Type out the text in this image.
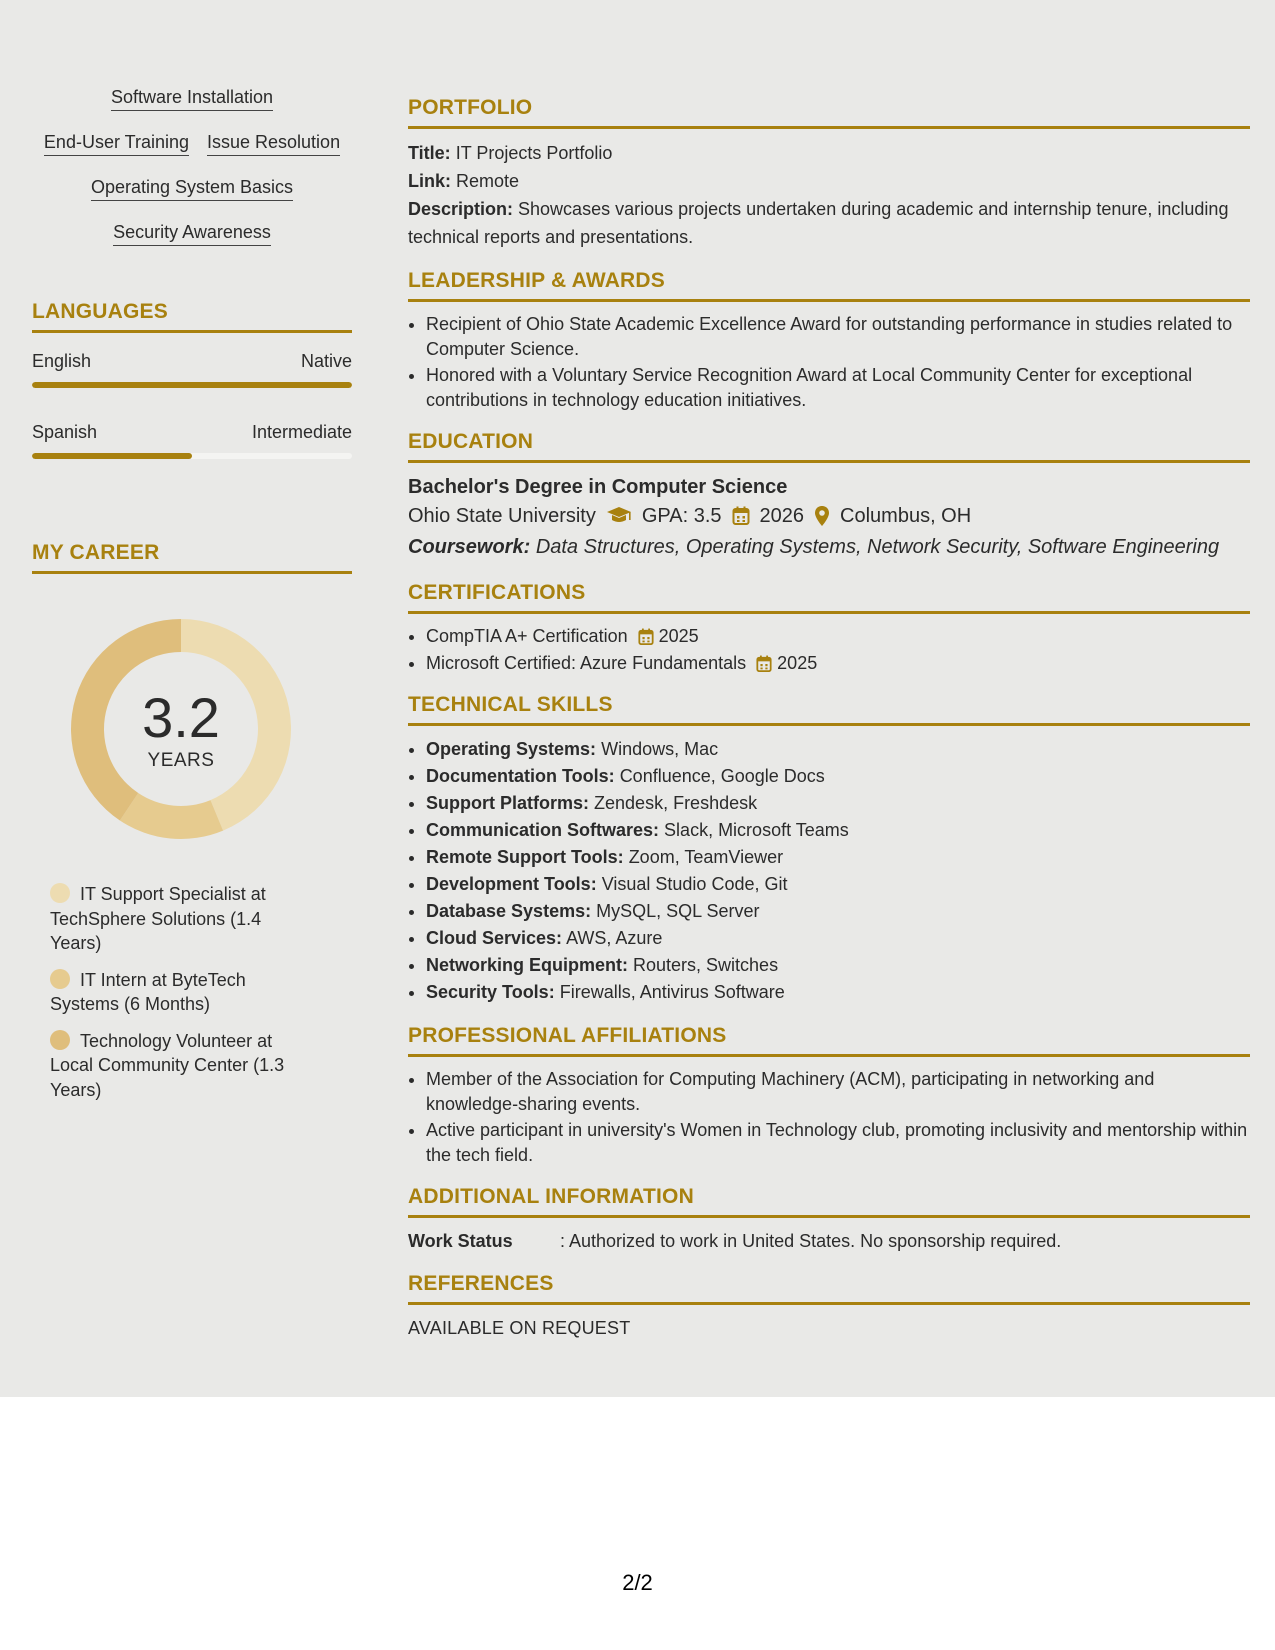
Software Installation
End-User Training Issue Resolution
Operating System Basics
Security Awareness
LANGUAGES
English	Native
Spanish	Intermediate
MY CAREER
3.2
YEARS
IT Support Specialist at TechSphere Solutions (1.4 Years)
IT Intern at ByteTech Systems (6 Months)
Technology Volunteer at Local Community Center (1.3 Years)
PORTFOLIO
Title: IT Projects Portfolio
Link: Remote
Description: Showcases various projects undertaken during academic and internship tenure, including technical reports and presentations.
LEADERSHIP & AWARDS
• Recipient of Ohio State Academic Excellence Award for outstanding performance in studies related to Computer Science.
• Honored with a Voluntary Service Recognition Award at Local Community Center for exceptional contributions in technology education initiatives.
EDUCATION
Bachelor's Degree in Computer Science
Ohio State University GPA: 3.5 2026 Columbus, OH
Coursework: Data Structures, Operating Systems, Network Security, Software Engineering
CERTIFICATIONS
• CompTIA A+ Certification 2025
• Microsoft Certified: Azure Fundamentals 2025
TECHNICAL SKILLS
• Operating Systems: Windows, Mac
• Documentation Tools: Confluence, Google Docs
• Support Platforms: Zendesk, Freshdesk
• Communication Softwares: Slack, Microsoft Teams
• Remote Support Tools: Zoom, TeamViewer
• Development Tools: Visual Studio Code, Git
• Database Systems: MySQL, SQL Server
• Cloud Services: AWS, Azure
• Networking Equipment: Routers, Switches
• Security Tools: Firewalls, Antivirus Software
PROFESSIONAL AFFILIATIONS
• Member of the Association for Computing Machinery (ACM), participating in networking and knowledge-sharing events.
• Active participant in university's Women in Technology club, promoting inclusivity and mentorship within the tech field.
ADDITIONAL INFORMATION
Work Status	: Authorized to work in United States. No sponsorship required.
REFERENCES
AVAILABLE ON REQUEST
2/2
